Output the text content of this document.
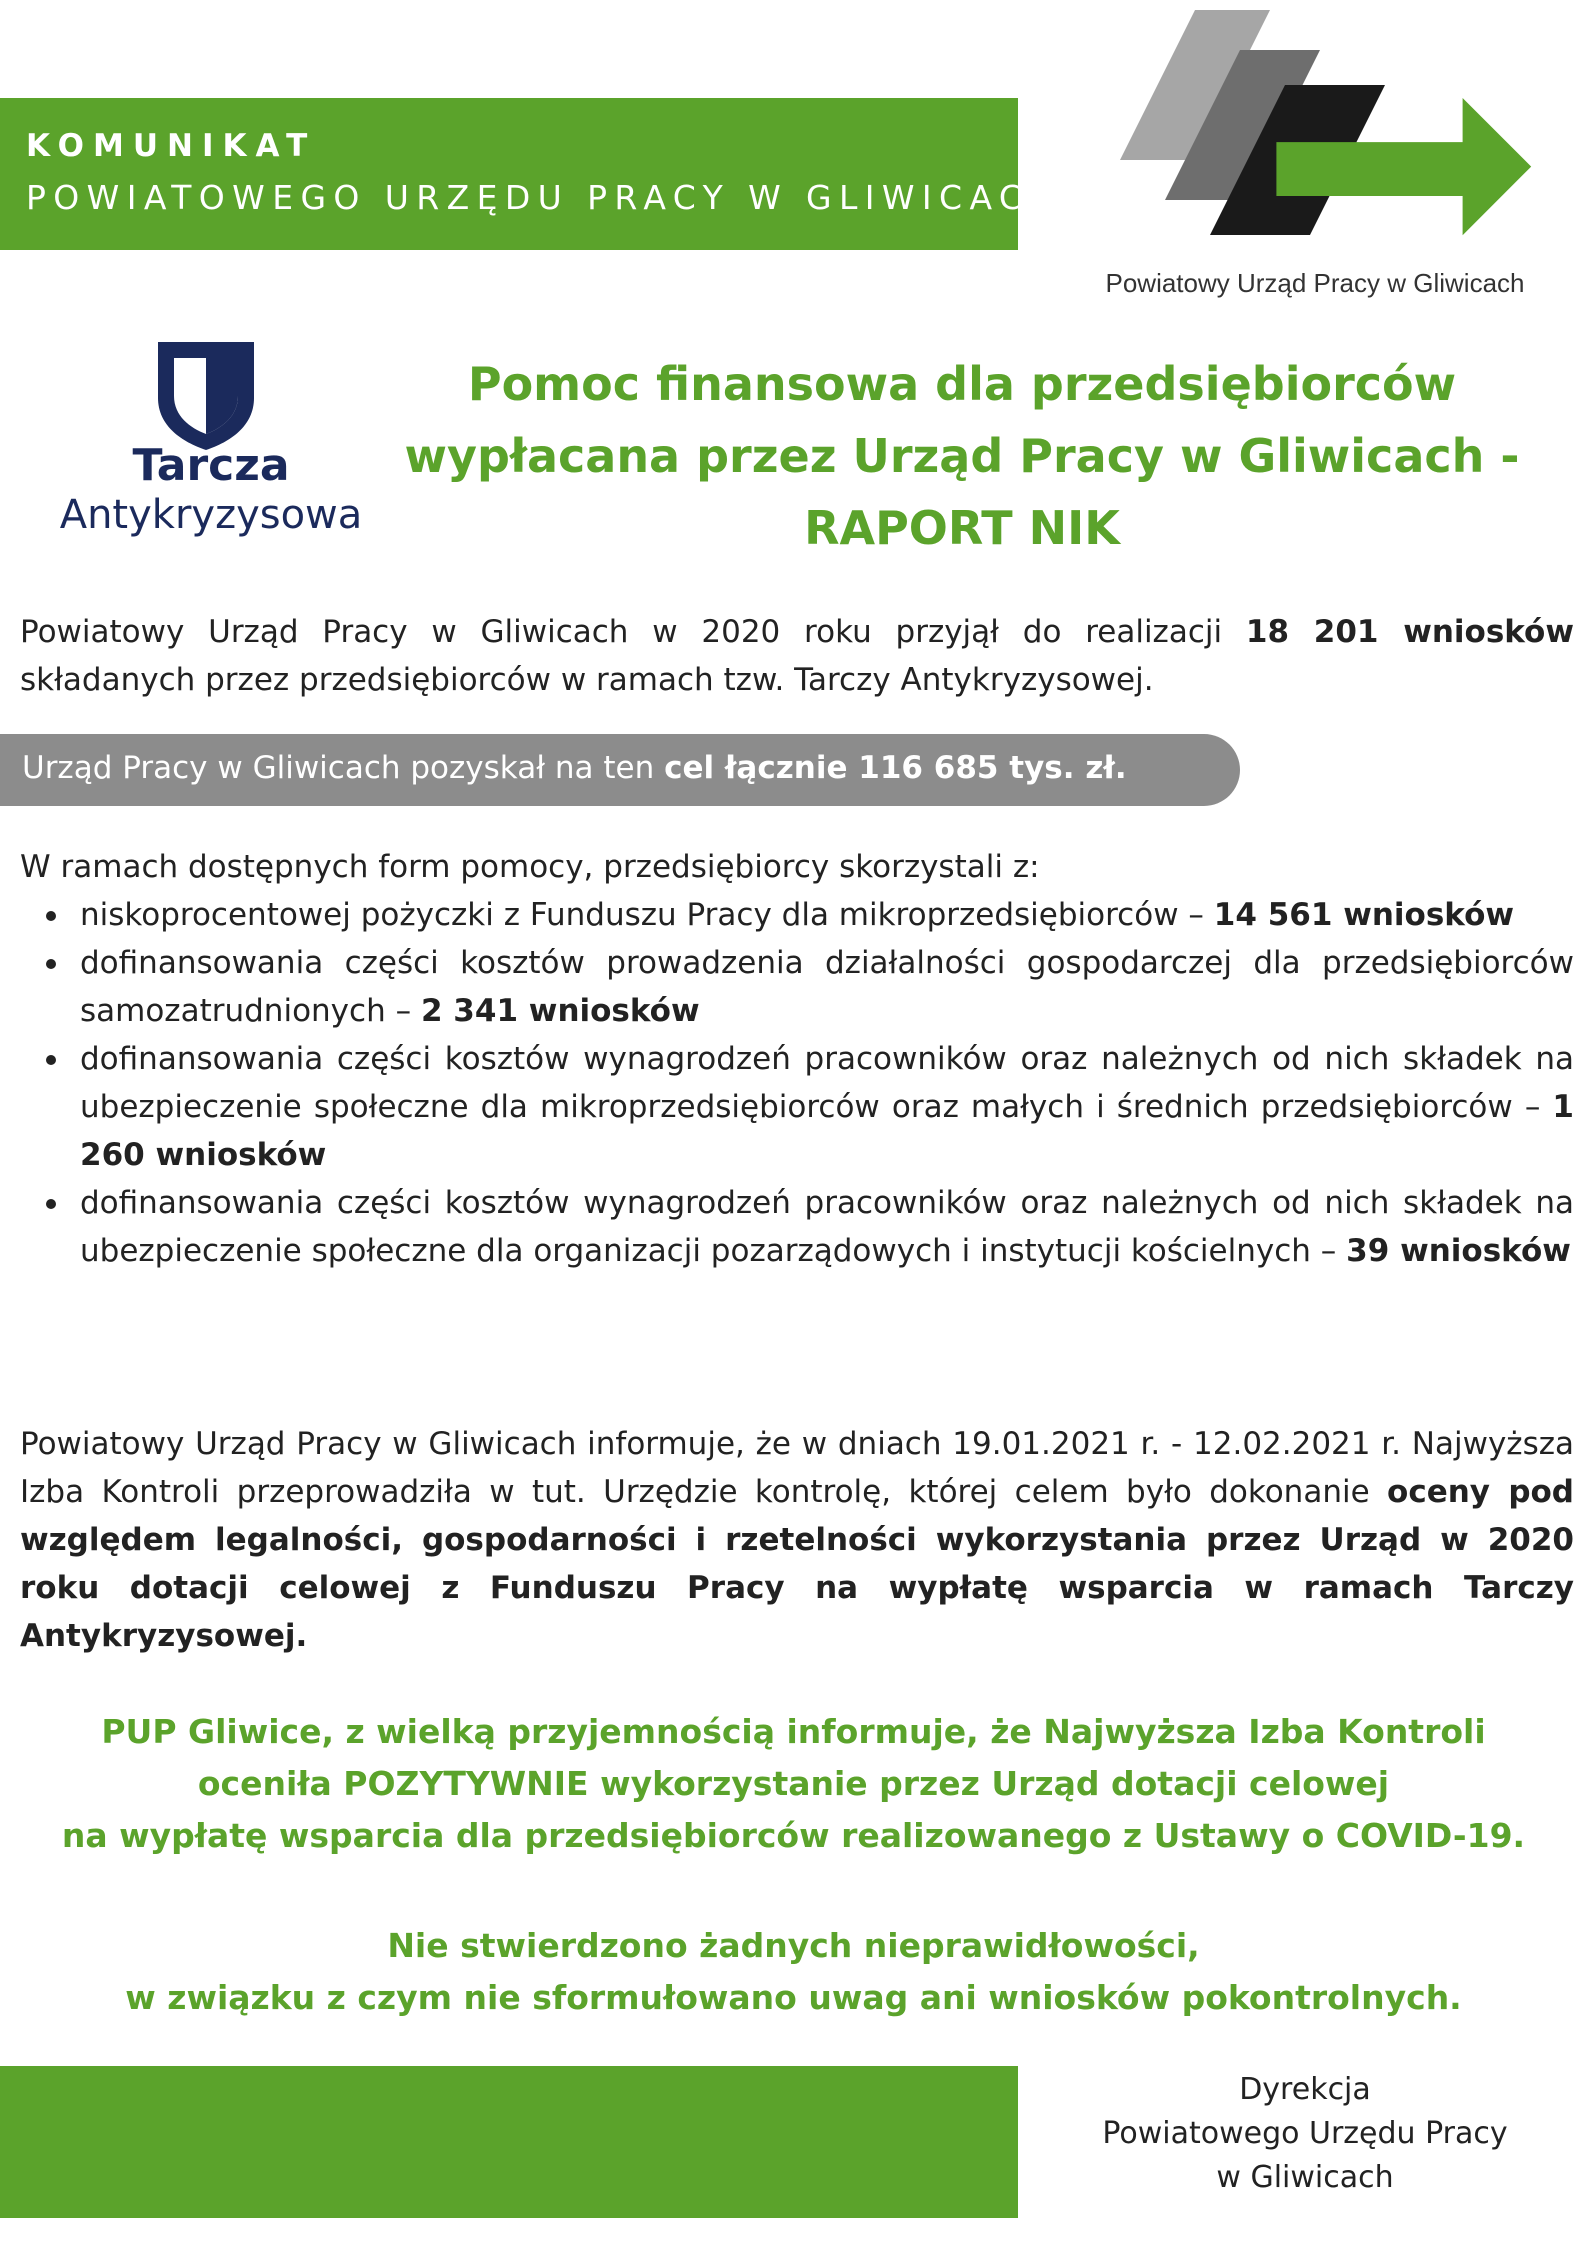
KOMUNIKAT
POWIATOWEGO URZĘDU PRACY W GLIWICACH
Powiatowy Urząd Pracy w Gliwicach
Tarcza
Antykryzysowa
Pomoc finansowa dla przedsiębiorców
wypłacana przez Urząd Pracy w Gliwicach -
RAPORT NIK
Powiatowy Urząd Pracy w Gliwicach w 2020 roku przyjął do realizacji 18 201 wniosków składanych przez przedsiębiorców w ramach tzw. Tarczy Antykryzysowej.
Urząd Pracy w Gliwicach pozyskał na ten cel łącznie 116 685 tys. zł.
W ramach dostępnych form pomocy, przedsiębiorcy skorzystali z:
niskoprocentowej pożyczki z Funduszu Pracy dla mikroprzedsiębiorców – 14 561 wniosków
dofinansowania części kosztów prowadzenia działalności gospodarczej dla przedsiębiorców samozatrudnionych – 2 341 wniosków
dofinansowania części kosztów wynagrodzeń pracowników oraz należnych od nich składek na ubezpieczenie społeczne dla mikroprzedsiębiorców oraz małych i średnich przedsiębiorców – 1 260 wniosków
dofinansowania części kosztów wynagrodzeń pracowników oraz należnych od nich składek na ubezpieczenie społeczne dla organizacji pozarządowych i instytucji kościelnych – 39 wniosków
Powiatowy Urząd Pracy w Gliwicach informuje, że w dniach 19.01.2021 r. - 12.02.2021 r. Najwyższa Izba Kontroli przeprowadziła w tut. Urzędzie kontrolę, której celem było dokonanie oceny pod względem legalności, gospodarności i rzetelności wykorzystania przez Urząd w 2020 roku dotacji celowej z Funduszu Pracy na wypłatę wsparcia w ramach Tarczy Antykryzysowej.
PUP Gliwice, z wielką przyjemnością informuje, że Najwyższa Izba Kontroli
oceniła POZYTYWNIE wykorzystanie przez Urząd dotacji celowej
na wypłatę wsparcia dla przedsiębiorców realizowanego z Ustawy o COVID-19.
Nie stwierdzono żadnych nieprawidłowości,
w związku z czym nie sformułowano uwag ani wniosków pokontrolnych.
Dyrekcja
Powiatowego Urzędu Pracy
w Gliwicach
